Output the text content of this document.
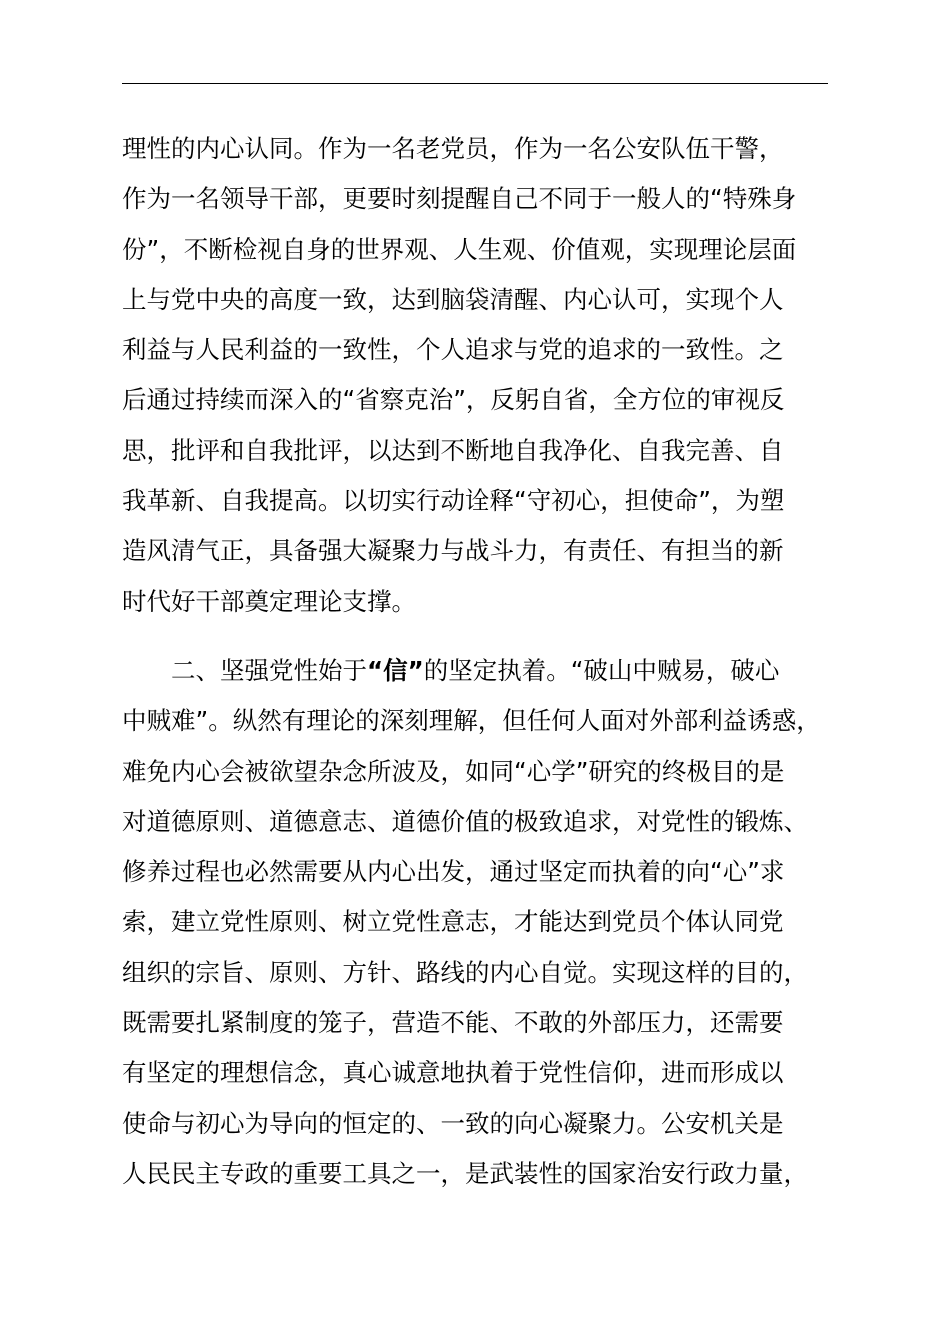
理性的内心认同。作为一名老党员，作为一名公安队伍干警，
作为一名领导干部，更要时刻提醒自己不同于一般人的“特殊身
份”，不断检视自身的世界观、人生观、价值观，实现理论层面
上与党中央的高度一致，达到脑袋清醒、内心认可，实现个人
利益与人民利益的一致性，个人追求与党的追求的一致性。之
后通过持续而深入的“省察克治”，反躬自省，全方位的审视反
思，批评和自我批评，以达到不断地自我净化、自我完善、自
我革新、自我提高。以切实行动诠释“守初心，担使命”，为塑
造风清气正，具备强大凝聚力与战斗力，有责任、有担当的新
时代好干部奠定理论支撑。
二、坚强党性始于“信”的坚定执着。“破山中贼易，破心
中贼难”。纵然有理论的深刻理解，但任何人面对外部利益诱惑，
难免内心会被欲望杂念所波及，如同“心学”研究的终极目的是
对道德原则、道德意志、道德价值的极致追求，对党性的锻炼、
修养过程也必然需要从内心出发，通过坚定而执着的向“心”求
索，建立党性原则、树立党性意志，才能达到党员个体认同党
组织的宗旨、原则、方针、路线的内心自觉。实现这样的目的，
既需要扎紧制度的笼子，营造不能、不敢的外部压力，还需要
有坚定的理想信念，真心诚意地执着于党性信仰，进而形成以
使命与初心为导向的恒定的、一致的向心凝聚力。公安机关是
人民民主专政的重要工具之一，是武装性的国家治安行政力量，
